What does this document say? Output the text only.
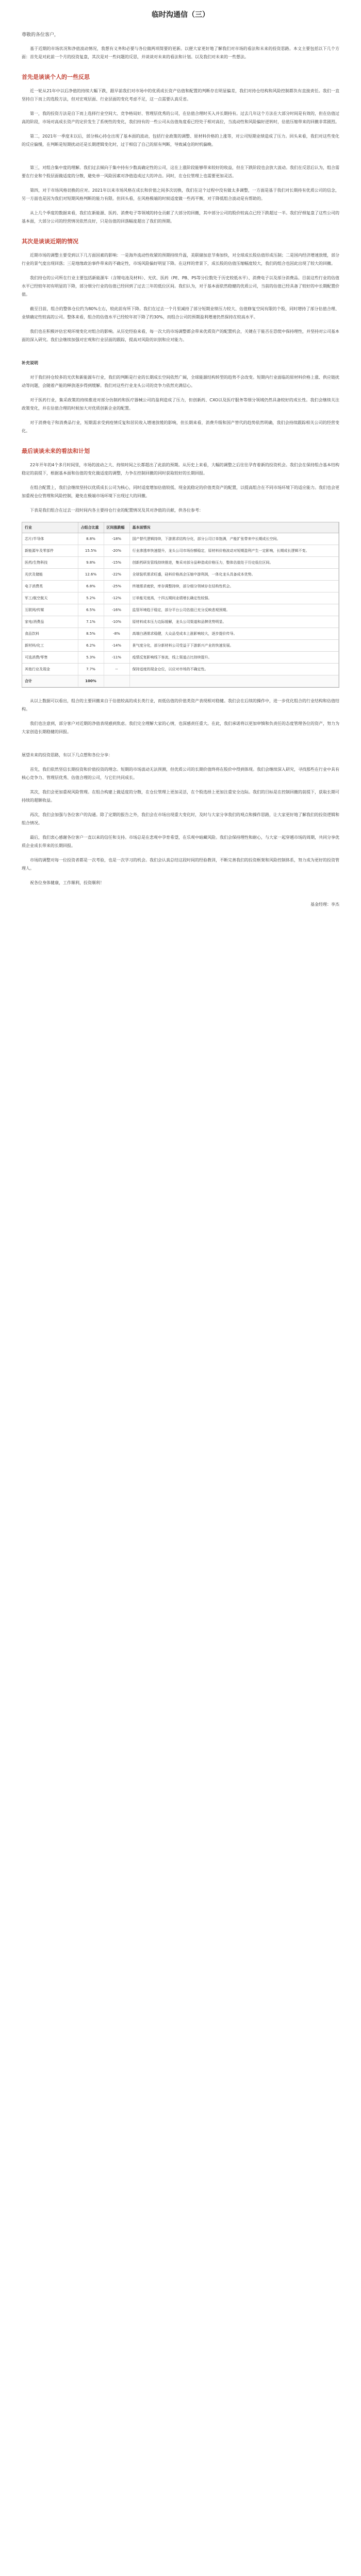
临时沟通信（三）
尊敬的各位客户，

基于近期的市场状况和净值波动情况，我想有义务和必要与各位做两项简要的更新。以便大家更好地了解我们对市场的看法和未来的投资思路。本文主要包括以下几个方面：首先是对此前一个月的投资复盘，其次是对一些问题的反思，并谈谈对未来的看法和计划。以及我们对未来的一些想法。

首先是谈谈个人的一些反思

近一轮从21年中以后净值的持续大幅下跌，跟早前我们对市场中的优质成长资产估值和配置的判断存在明显偏差，我们对持仓结构和风险控制都负有直接责任。我们一直坚持自下而上的选股方法，但对宏观层面、行业层面的变化考虑不足，这一点需要认真反省。

第一，我的投资方法是自下而上选择行业空间大、竞争格局好、管理层优秀的公司，在估值合理时买入并长期持有。过去几年这个方法在大部分时间是有效的，但在估值过高的阶段，市场对高成长资产的定价发生了系统性的变化，我们持有的一些公司从估值角度看已经处于相对高位，当流动性和风险偏好逆转时，估值压缩带来的回撤非常剧烈。

第二，2021年一季度末以后，部分核心持仓出现了基本面的波动，包括行业政策的调整、原材料价格的上涨等，对公司短期业绩造成了压力。回头来看，我们对这些变化的反应偏慢，在判断是短期扰动还是长期逻辑变化时，过于相信了自己的原有判断，导致减仓的时机偏晚。

第三，对组合集中度的理解。我们过去倾向于集中持有少数高确定性的公司，这在上涨阶段能够带来较好的收益，但在下跌阶段也会放大波动。我们在反思后认为，组合需要在行业和个股层面做适度的分散，避免单一风险因素对净值造成过大的冲击。同时，在仓位管理上也需要更加灵活。

第四，对于市场风格切换的应对。2021年以来市场风格在成长和价值之间多次切换，我们在这个过程中没有做太多调整，一方面是基于我们对长期持有优质公司的信念，另一方面也是因为我们对短期风格判断的能力有限。但回头看，在风格极端的时候适度做一些再平衡，对于降低组合波动是有帮助的。

从上几个季度的数据来看，我们在新能源、医药、消费电子等领域的持仓贡献了大部分的回撤，其中部分公司的股价较高点已经下跌超过一半。我们仔细复盘了这些公司的基本面，大部分公司的经营情况依然良好，只是估值的回落幅度超出了我们的预期。

其次是谈谈近期的情况

近期市场的调整主要受到以下几方面因素的影响：一是海外流动性收紧的预期持续升温，美联储加息节奏加快，对全球成长股估值形成压制；二是国内经济增速放缓，部分行业的景气度出现回落；三是地缘政治事件带来的不确定性，市场风险偏好明显下降。在这样的背景下，成长股的估值压缩幅度较大，我们的组合也因此出现了较大的回撤。

我们持仓的公司所在行业主要包括新能源车（含锂电池及材料）、光伏、医药（PE、PB、PS等分位数处于历史较低水平）、消费电子以及部分消费品。目前这些行业的估值水平已经较年初有明显的下降，部分细分行业的估值已经回到了过去三年的低位区间。我们认为，对于基本面依然稳健的优质公司，当前的估值已经具备了较好的中长期配置价值。

截至目前，组合的整体仓位约为80%左右，较此前有所下降。我们在过去一个月里减持了部分短期业绩压力较大、估值修复空间有限的个股，同时增持了部分估值合理、业绩确定性较高的公司。整体来看，组合的估值水平已经较年初下降了约30%，而组合公司的预期盈利增速仍然保持在较高水平。

我们也在积极评估宏观环境变化对组合的影响。从历史经验来看，每一次大的市场调整都会带来优质资产的配置机会，关键在于能否在恐慌中保持理性，并坚持对公司基本面的深入研究。我们会继续加强对宏观和行业层面的跟踪，提高对风险的识别和应对能力。

补充说明

对于我们持仓较多的光伏和新能源车行业，我们的判断是行业的长期成长空间依然广阔，全球能源结构转型的趋势不会改变。短期内行业面临的原材料价格上涨、供应链扰动等问题，会随着产能的释放逐步得到缓解。我们对这些行业龙头公司的竞争力依然充满信心。

对于医药行业，集采政策的持续推进对部分仿制药和医疗器械公司的盈利造成了压力，但创新药、CXO以及医疗服务等细分领域仍然具备较好的成长性。我们会继续关注政策变化，并在估值合理的时候加大对优质创新企业的配置。

对于消费电子和消费品行业，短期需求受到疫情反复和居民收入增速放缓的影响，但长期来看，消费升级和国产替代的趋势依然明确，我们会持续跟踪相关公司的经营变化。

最后谈谈未来的看法和计划

22年开年的4个多月时间里，市场的波动之大、持续时间之长都超出了此前的预期。从历史上来看，大幅的调整之后往往孕育着新的投资机会。我们会在保持组合基本结构稳定的前提下，根据基本面和估值的变化做适度的调整，力争在控制回撤的同时获取较好的长期回报。

在组合配置上，我们会继续坚持以优质成长公司为核心，同时适度增加估值较低、现金流稳定的价值类资产的配置，以提高组合在不同市场环境下的适应能力。我们也会更加重视仓位管理和风险控制，避免在极端市场环境下出现过大的回撤。

下表是我们组合在过去一段时间内各主要持仓行业的配置情况及其对净值的贡献，供各位参考：

行业	占组合比重	区间涨跌幅	基本面情况
芯片/半导体	8.8%	-18%	国产替代逻辑持续，下游需求结构分化，部分公司订单饱满，产能扩张带来中长期成长空间。
新能源车及零部件	15.5%	-20%	行业渗透率快速提升，龙头公司市场份额稳定，原材料价格波动对短期盈利产生一定影响，长期成长逻辑不变。
医药/生物科技	9.8%	-15%	创新药研发管线持续推进，集采对部分品种造成价格压力，整体估值处于历史低位区间。
光伏及储能	12.6%	-22%	全球装机需求旺盛，硅料价格高企压缩中游利润，一体化龙头具备成本优势。
电子消费类	6.8%	-25%	终端需求疲软，库存调整持续，部分细分领域存在结构性机会。
军工/航空航天	5.2%	-12%	订单能见度高，十四五期间业绩增长确定性较强。
互联网/传媒	6.5%	-16%	监管环境趋于稳定，部分平台公司估值已充分反映悲观预期。
家电/消费品	7.1%	-10%	原材料成本压力边际缓解，龙头公司渠道和品牌优势明显。
食品饮料	8.5%	-8%	高端白酒需求稳健，大众品受成本上涨影响较大，逐步提价传导。
新材料/化工	6.2%	-14%	景气度分化，部分新材料公司受益于下游新兴产业的快速发展。
可选消费/零售	5.3%	-11%	疫情反复影响线下客流，线上渠道占比持续提升。
其他行业及现金	7.7%	--	保持适度的现金仓位，以应对市场的不确定性。
合计	100%		

从以上数据可以看出，组合的主要回撤来自于估值较高的成长类行业，而低估值的价值类资产表现相对稳健。我们会在后续的操作中，进一步优化组合的行业结构和估值结构。

我们也注意到，部分客户对近期的净值表现感到焦虑。我们完全理解大家的心情，也深感责任重大。在此，我们承诺将以更加审慎和负责任的态度管理各位的资产，努力为大家创造长期稳健的回报。

展望未来的投资思路，有以下几点想和各位分享：

首先，我们依然坚信长期投资和价值投资的理念。短期的市场波动无法预测，但优质公司的长期价值终将在股价中得到体现。我们会继续深入研究，寻找那些在行业中具有核心竞争力、管理层优秀、估值合理的公司，与它们共同成长。

其次，我们会更加重视风险管理。在组合构建上做适度的分散，在仓位管理上更加灵活，在个股选择上更加注重安全边际。我们的目标是在控制回撤的前提下，获取长期可持续的超额收益。

再次，我们会加强与各位客户的沟通。除了定期的报告之外，我们会在市场出现重大变化时，及时与大家分享我们的观点和操作思路，让大家更好地了解我们的投资逻辑和组合情况。

最后，我们衷心感谢各位客户一直以来的信任和支持。市场总是在悲观中孕育希望，在乐观中暗藏风险。我们会保持理性和耐心，与大家一起穿越市场的周期，共同分享优质企业成长带来的长期回报。

市场的调整对每一位投资者都是一次考验，也是一次学习的机会。我们会认真总结这段时间的经验教训，不断完善我们的投资框架和风险控制体系，努力成为更好的投资管理人。

祝各位身体健康，工作顺利，投资顺利！

基金经理：李杰
